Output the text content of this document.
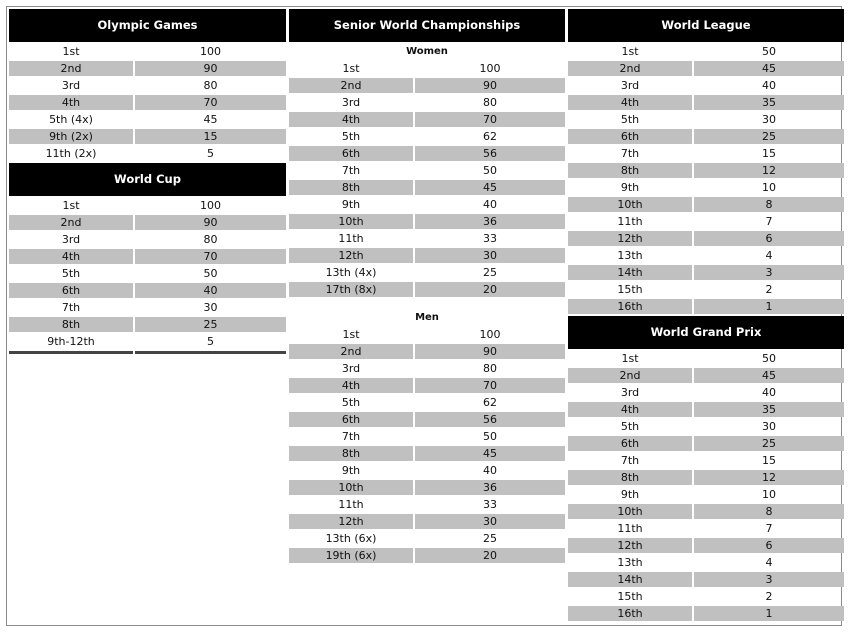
Olympic Games
1st	100
2nd	90
3rd	80
4th	70
5th (4x)	45
9th (2x)	15
11th (2x)	5
World Cup
1st	100
2nd	90
3rd	80
4th	70
5th	50
6th	40
7th	30
8th	25
9th-12th	5
Senior World Championships
Women
1st	100
2nd	90
3rd	80
4th	70
5th	62
6th	56
7th	50
8th	45
9th	40
10th	36
11th	33
12th	30
13th (4x)	25
17th (8x)	20
Men
1st	100
2nd	90
3rd	80
4th	70
5th	62
6th	56
7th	50
8th	45
9th	40
10th	36
11th	33
12th	30
13th (6x)	25
19th (6x)	20
World League
1st	50
2nd	45
3rd	40
4th	35
5th	30
6th	25
7th	15
8th	12
9th	10
10th	8
11th	7
12th	6
13th	4
14th	3
15th	2
16th	1
World Grand Prix
1st	50
2nd	45
3rd	40
4th	35
5th	30
6th	25
7th	15
8th	12
9th	10
10th	8
11th	7
12th	6
13th	4
14th	3
15th	2
16th	1
